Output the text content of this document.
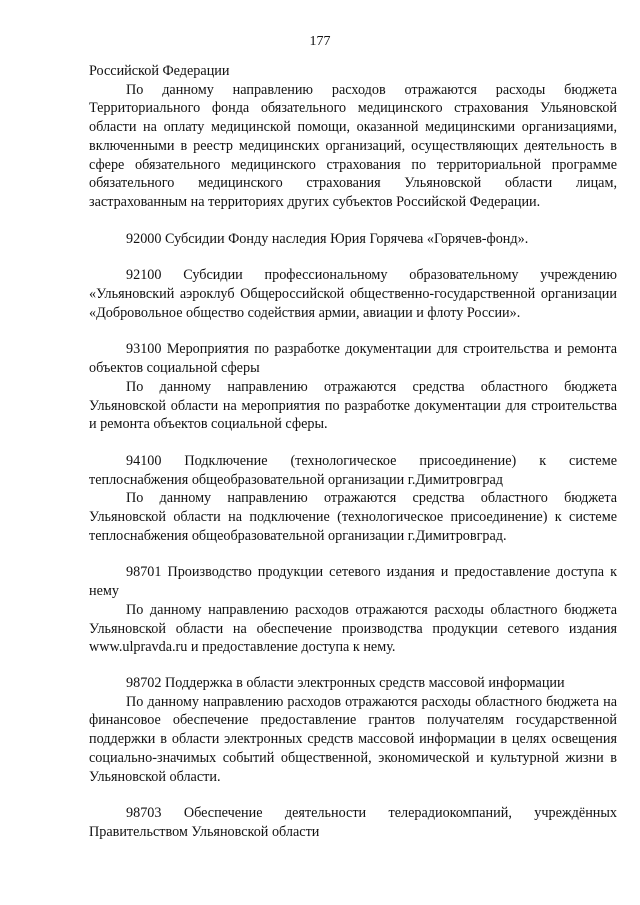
177

Российской Федерации

По данному направлению расходов отражаются расходы бюджета Территориального фонда обязательного медицинского страхования Ульяновской области на оплату медицинской помощи, оказанной медицинскими организациями, включенными в реестр медицинских организаций, осуществляющих деятельность в сфере обязательного медицинского страхования по территориальной программе обязательного медицинского страхования Ульяновской области лицам, застрахованным на территориях других субъектов Российской Федерации.

92000 Субсидии Фонду наследия Юрия Горячева «Горячев-фонд».

92100 Субсидии профессиональному образовательному учреждению «Ульяновский аэроклуб Общероссийской общественно-государственной организации «Добровольное общество содействия армии, авиации и флоту России».

93100 Мероприятия по разработке документации для строительства и ремонта объектов социальной сферы

По данному направлению отражаются средства областного бюджета Ульяновской области на мероприятия по разработке документации для строительства и ремонта объектов социальной сферы.

94100 Подключение (технологическое присоединение) к системе теплоснабжения общеобразовательной организации г.Димитровград

По данному направлению отражаются средства областного бюджета Ульяновской области на подключение (технологическое присоединение) к системе теплоснабжения общеобразовательной организации г.Димитровград.

98701 Производство продукции сетевого издания и предоставление доступа к нему

По данному направлению расходов отражаются расходы областного бюджета Ульяновской области на обеспечение производства продукции сетевого издания www.ulpravda.ru и предоставление доступа к нему.

98702 Поддержка в области электронных средств массовой информации

По данному направлению расходов отражаются расходы областного бюджета на финансовое обеспечение предоставление грантов получателям государственной поддержки в области электронных средств массовой информации в целях освещения социально-значимых событий общественной, экономической и культурной жизни в Ульяновской области.

98703 Обеспечение деятельности телерадиокомпаний, учреждённых Правительством Ульяновской области
